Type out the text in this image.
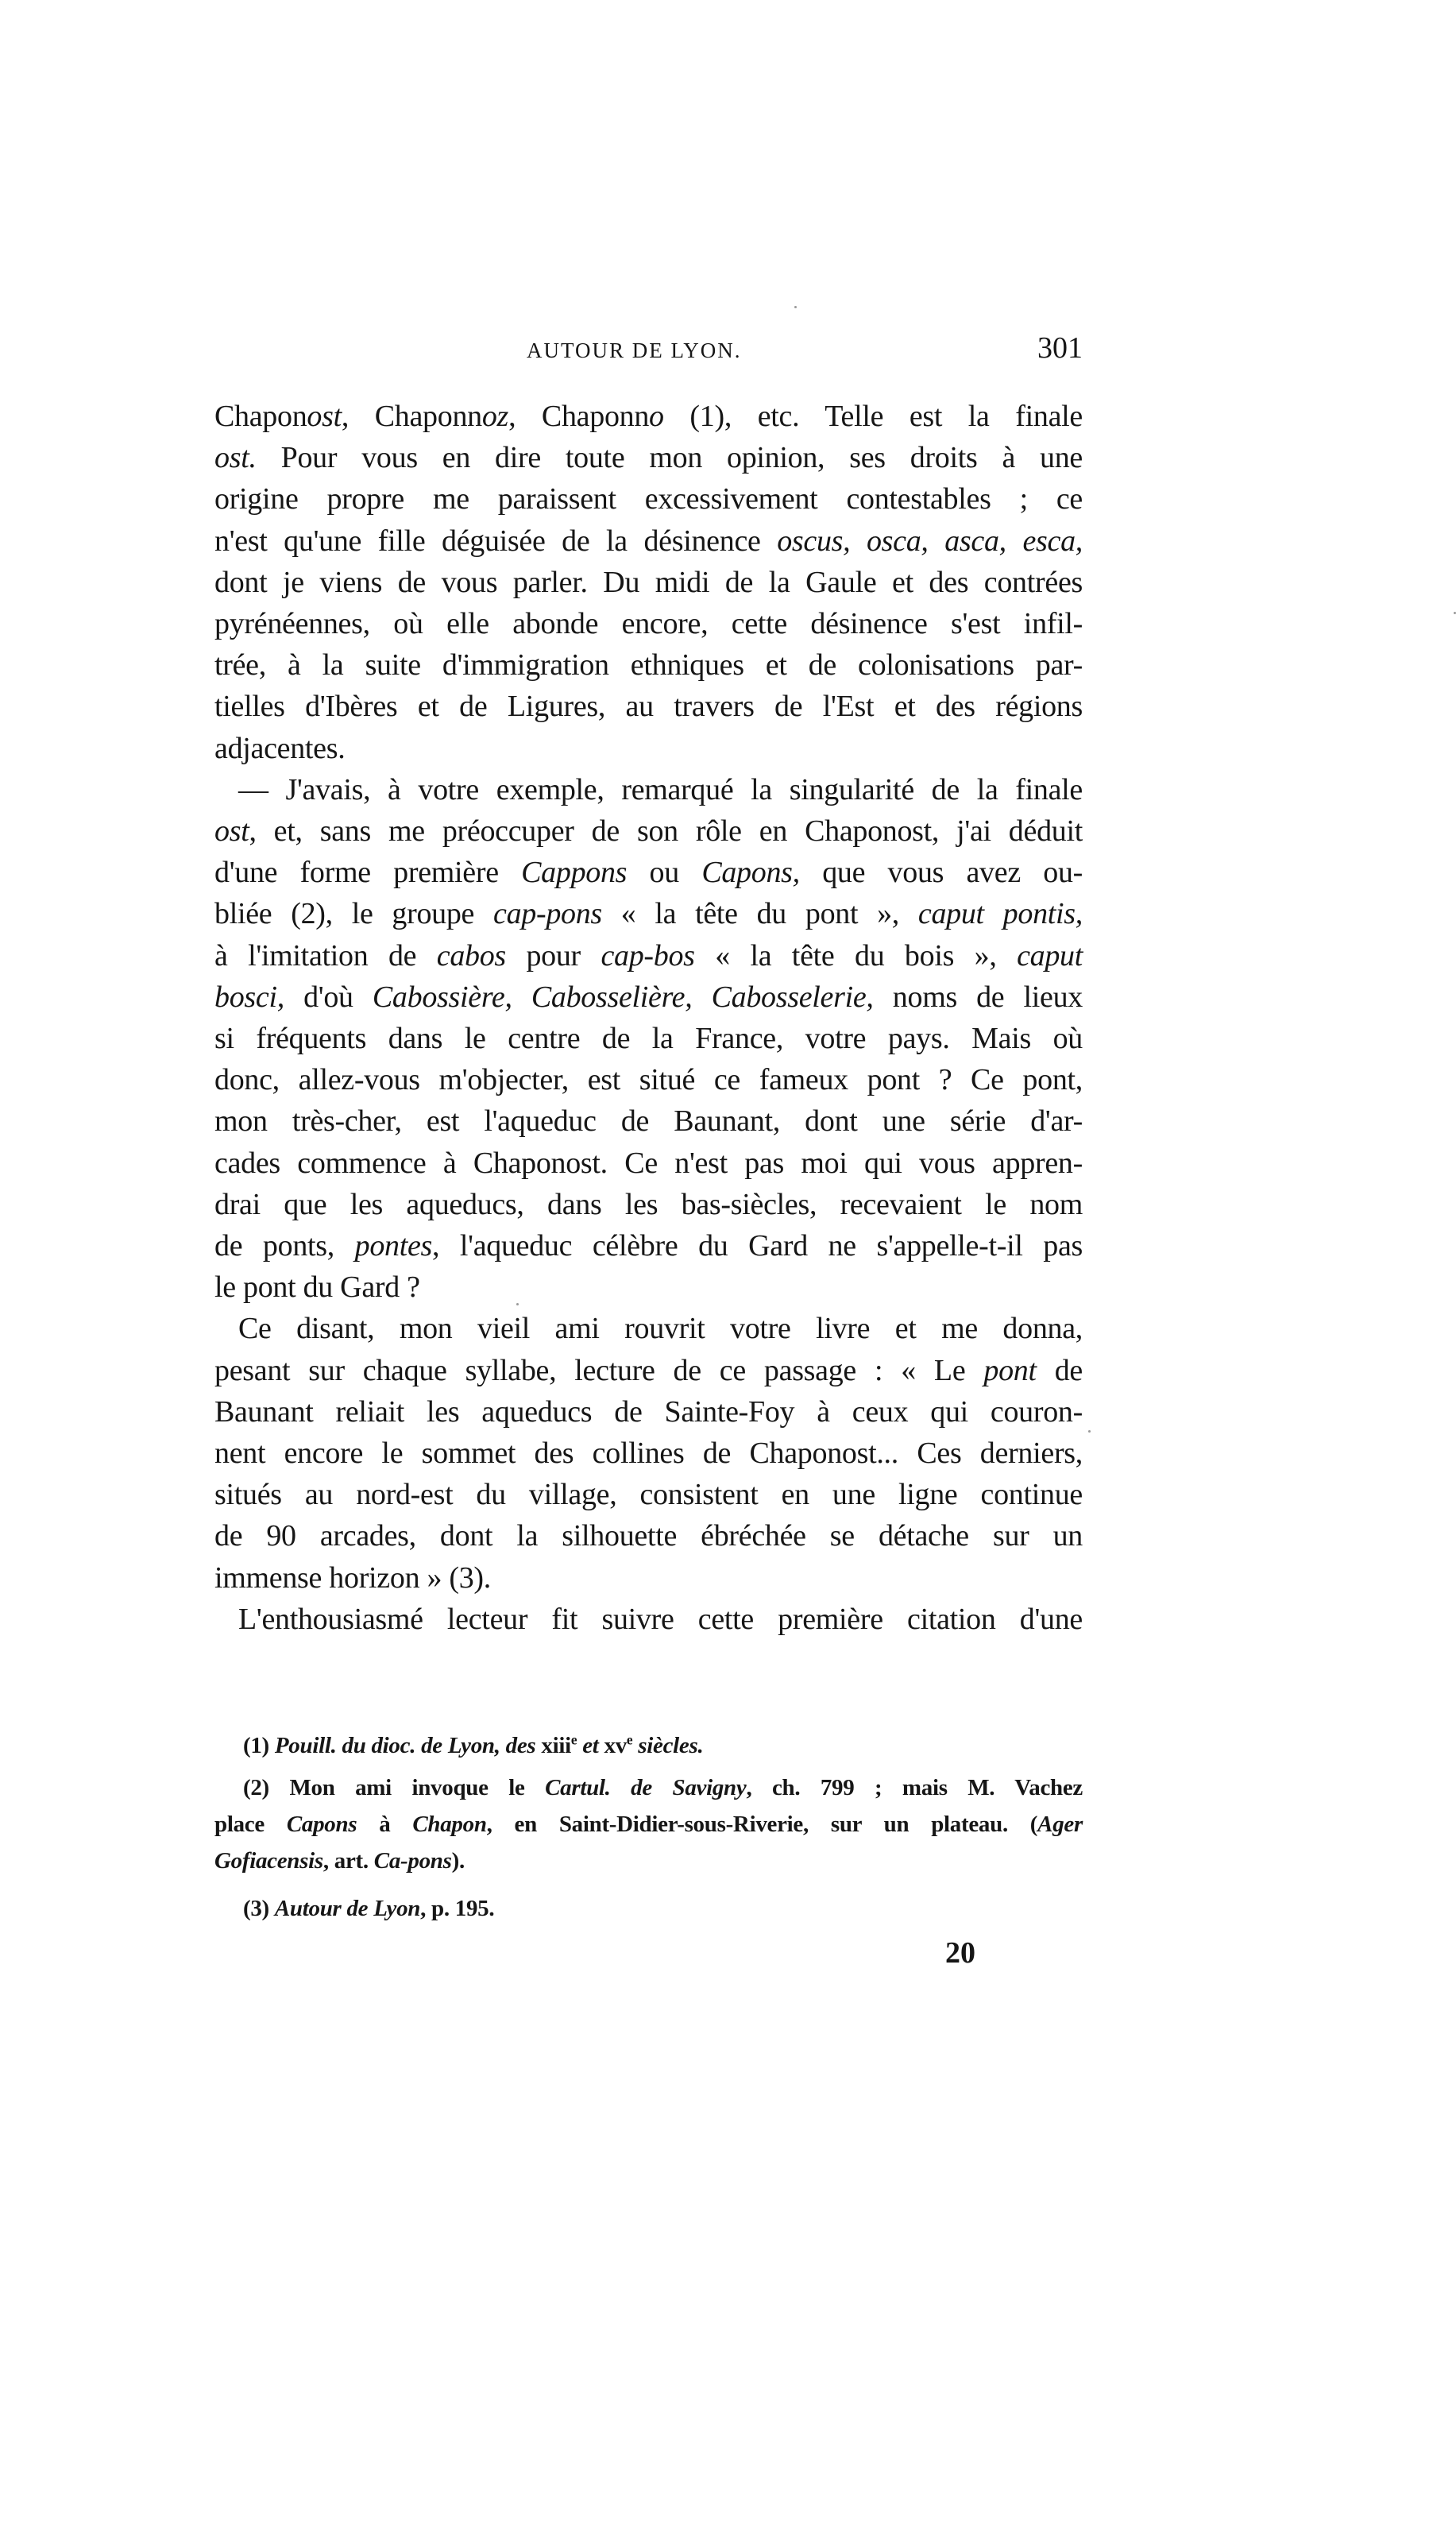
AUTOUR DE LYON.	301
Chaponost, Chaponnoz, Chaponno (1), etc. Telle est la finale
ost. Pour vous en dire toute mon opinion, ses droits à une
origine propre me paraissent excessivement contestables ; ce
n'est qu'une fille déguisée de la désinence oscus, osca, asca, esca,
dont je viens de vous parler. Du midi de la Gaule et des contrées
pyrénéennes, où elle abonde encore, cette désinence s'est infil-
trée, à la suite d'immigration ethniques et de colonisations par-
tielles d'Ibères et de Ligures, au travers de l'Est et des régions
adjacentes.
— J'avais, à votre exemple, remarqué la singularité de la finale
ost, et, sans me préoccuper de son rôle en Chaponost, j'ai déduit
d'une forme première Cappons ou Capons, que vous avez ou-
bliée (2), le groupe cap-pons « la tête du pont », caput pontis,
à l'imitation de cabos pour cap-bos « la tête du bois », caput
bosci, d'où Cabossière, Cabosselière, Cabosselerie, noms de lieux
si fréquents dans le centre de la France, votre pays. Mais où
donc, allez-vous m'objecter, est situé ce fameux pont ? Ce pont,
mon très-cher, est l'aqueduc de Baunant, dont une série d'ar-
cades commence à Chaponost. Ce n'est pas moi qui vous appren-
drai que les aqueducs, dans les bas-siècles, recevaient le nom
de ponts, pontes, l'aqueduc célèbre du Gard ne s'appelle-t-il pas
le pont du Gard ?
Ce disant, mon vieil ami rouvrit votre livre et me donna,
pesant sur chaque syllabe, lecture de ce passage : « Le pont de
Baunant reliait les aqueducs de Sainte-Foy à ceux qui couron-
nent encore le sommet des collines de Chaponost... Ces derniers,
situés au nord-est du village, consistent en une ligne continue
de 90 arcades, dont la silhouette ébréchée se détache sur un
immense horizon » (3).
L'enthousiasmé lecteur fit suivre cette première citation d'une
(1) Pouill. du dioc. de Lyon, des xiii$^e$ et $xv^e$ siècles.
(2) Mon ami invoque le Cartul. de Savigny, ch. 799 ; mais M. Vachez
place Capons à Chapon, en Saint-Didier-sous-Riverie, sur un plateau. (Ager
Gofiacensis, art. Ca-pons).
(3) Autour de Lyon, p. 195.
20
